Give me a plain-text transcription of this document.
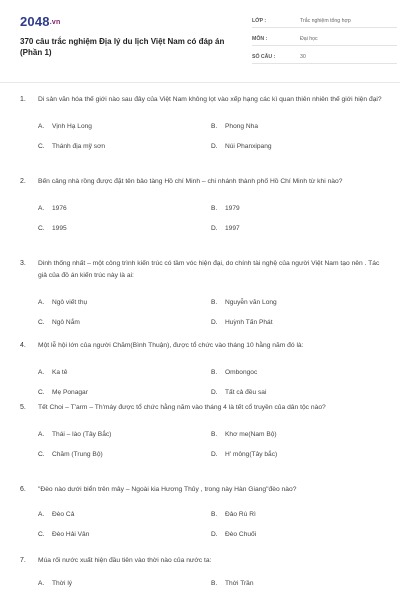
2048.vn
370 câu trắc nghiệm Địa lý du lịch Việt Nam có đáp án (Phần 1)
LỚP :	Trắc nghiệm tổng hợp
MÔN :	Đại học
SỐ CÂU :	30
1.	Di sản văn hóa thế giới nào sau đây của Việt Nam không lọt vào xếp hạng các kì quan thiên nhiên thế giới hiện đại?
A.	Vịnh Hạ Long	B.	Phong Nha
C.	Thánh địa mỹ sơn	D.	Núi Phanxipang
2.	Bến cảng nhà rồng được đặt tên bảo tàng Hồ chí Minh – chi nhánh thành phố Hồ Chí Minh từ khi nào?
A.	1976	B.	1979
C.	1995	D.	1997
3.	Dinh thống nhất – một công trình kiến trúc có tầm vóc hiện đại, do chính tài nghệ của người Việt Nam tạo nên . Tác giả của đồ án kiến trúc này là ai:
A.	Ngô viết thụ	B.	Nguyễn văn Long
C.	Ngô Nắm	D.	Huỳnh Tấn Phát
4.	Một lễ hội lớn của người Chăm(Bình Thuận), được tổ chức vào tháng 10 hằng năm đó là:
A.	Ka tê	B.	Ombongoc
C.	Mẹ Ponagar	D.	Tất cả đều sai
5.	Tết Choi – T'arm – Th'máy được tổ chức hằng năm vào tháng 4 là tết cổ truyền của dân tộc nào?
A.	Thái – lào (Tây Bắc)	B.	Khơ me(Nam Bộ)
C.	Chăm (Trung Bộ)	D.	H' mông(Tây bắc)
6.	"Đèo nào dưới biển trên mây – Ngoài kia Hương Thủy , trong này Hàn Giang"đèo nào?
A.	Đèo Cả	B.	Đảo Rù Rì
C.	Đèo Hải Vân	D.	Đèo Chuối
7.	Múa rối nước xuất hiện đầu tiên vào thời nào của nước ta:
A.	Thời lý	B.	Thời Trần
